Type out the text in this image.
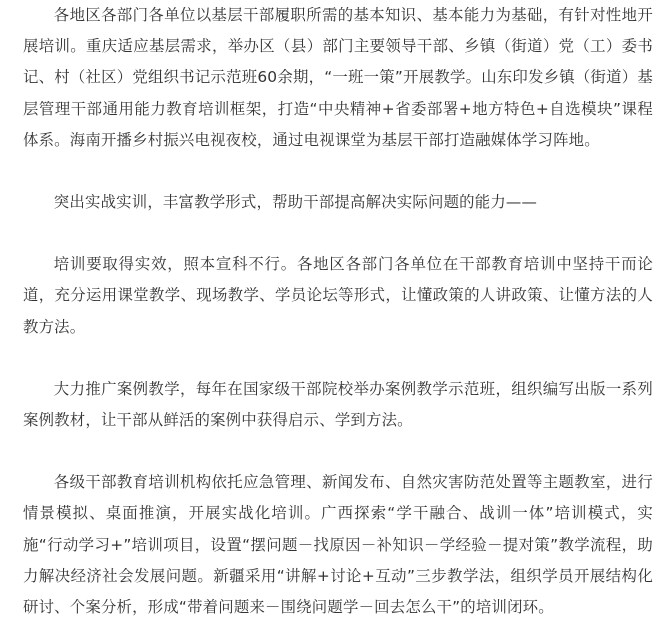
各地区各部门各单位以基层干部履职所需的基本知识、基本能力为基础，有针对性地开展培训。重庆适应基层需求，举办区（县）部门主要领导干部、乡镇（街道）党（工）委书记、村（社区）党组织书记示范班60余期，“一班一策”开展教学。山东印发乡镇（街道）基层管理干部通用能力教育培训框架，打造“中央精神+省委部署+地方特色+自选模块”课程体系。海南开播乡村振兴电视夜校，通过电视课堂为基层干部打造融媒体学习阵地。

突出实战实训，丰富教学形式，帮助干部提高解决实际问题的能力——

培训要取得实效，照本宣科不行。各地区各部门各单位在干部教育培训中坚持干而论道，充分运用课堂教学、现场教学、学员论坛等形式，让懂政策的人讲政策、让懂方法的人教方法。

大力推广案例教学，每年在国家级干部院校举办案例教学示范班，组织编写出版一系列案例教材，让干部从鲜活的案例中获得启示、学到方法。

各级干部教育培训机构依托应急管理、新闻发布、自然灾害防范处置等主题教室，进行情景模拟、桌面推演，开展实战化培训。广西探索“学干融合、战训一体”培训模式，实施“行动学习+”培训项目，设置“摆问题－找原因－补知识－学经验－提对策”教学流程，助力解决经济社会发展问题。新疆采用“讲解+讨论+互动”三步教学法，组织学员开展结构化研讨、个案分析，形成“带着问题来－围绕问题学－回去怎么干”的培训闭环。
